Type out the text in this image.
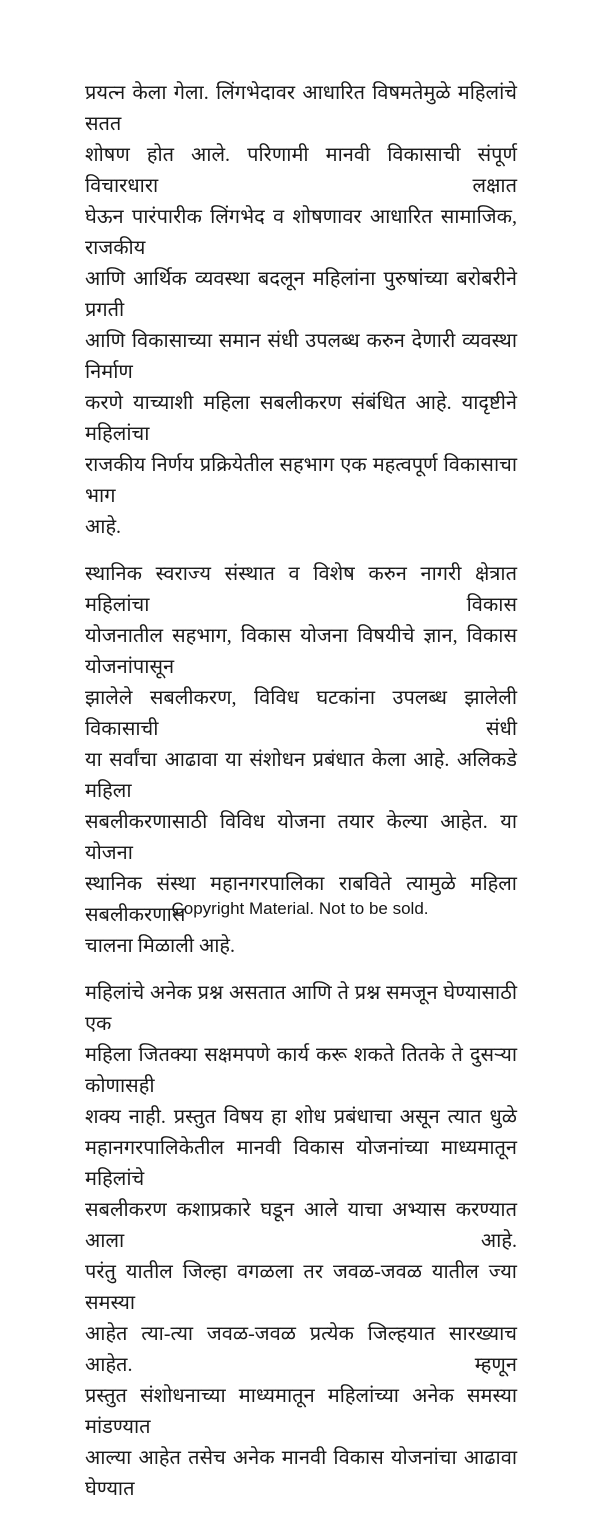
प्रयत्न केला गेला. लिंगभेदावर आधारित विषमतेमुळे महिलांचे सतत
शोषण होत आले. परिणामी मानवी विकासाची संपूर्ण विचारधारा लक्षात
घेऊन पारंपारीक लिंगभेद व शोषणावर आधारित सामाजिक, राजकीय
आणि आर्थिक व्यवस्था बदलून महिलांना पुरुषांच्या बरोबरीने प्रगती
आणि विकासाच्या समान संधी उपलब्ध करुन देणारी व्यवस्था निर्माण
करणे याच्याशी महिला सबलीकरण संबंधित आहे. यादृष्टीने महिलांचा
राजकीय निर्णय प्रक्रियेतील सहभाग एक महत्वपूर्ण विकासाचा भाग
आहे.
स्थानिक स्वराज्य संस्थात व विशेष करुन नागरी क्षेत्रात महिलांचा विकास
योजनातील सहभाग, विकास योजना विषयीचे ज्ञान, विकास योजनांपासून
झालेले सबलीकरण, विविध घटकांना उपलब्ध झालेली विकासाची संधी
या सर्वांचा आढावा या संशोधन प्रबंधात केला आहे. अलिकडे महिला
सबलीकरणासाठी विविध योजना तयार केल्या आहेत. या योजना
स्थानिक संस्था महानगरपालिका राबविते त्यामुळे महिला सबलीकरणास
चालना मिळाली आहे.
महिलांचे अनेक प्रश्न असतात आणि ते प्रश्न समजून घेण्यासाठी एक
महिला जितक्या सक्षमपणे कार्य करू शकते तितके ते दुसऱ्या कोणासही
शक्य नाही. प्रस्तुत विषय हा शोध प्रबंधाचा असून त्यात धुळे
महानगरपालिकेतील मानवी विकास योजनांच्या माध्यमातून महिलांचे
सबलीकरण कशाप्रकारे घडून आले याचा अभ्यास करण्यात आला आहे.
परंतु यातील जिल्हा वगळला तर जवळ-जवळ यातील ज्या समस्या
आहेत त्या-त्या जवळ-जवळ प्रत्येक जिल्हयात सारख्याच आहेत. म्हणून
प्रस्तुत संशोधनाच्या माध्यमातून महिलांच्या अनेक समस्या मांडण्यात
आल्या आहेत तसेच अनेक मानवी विकास योजनांचा आढावा घेण्यात
Copyright Material. Not to be sold.
